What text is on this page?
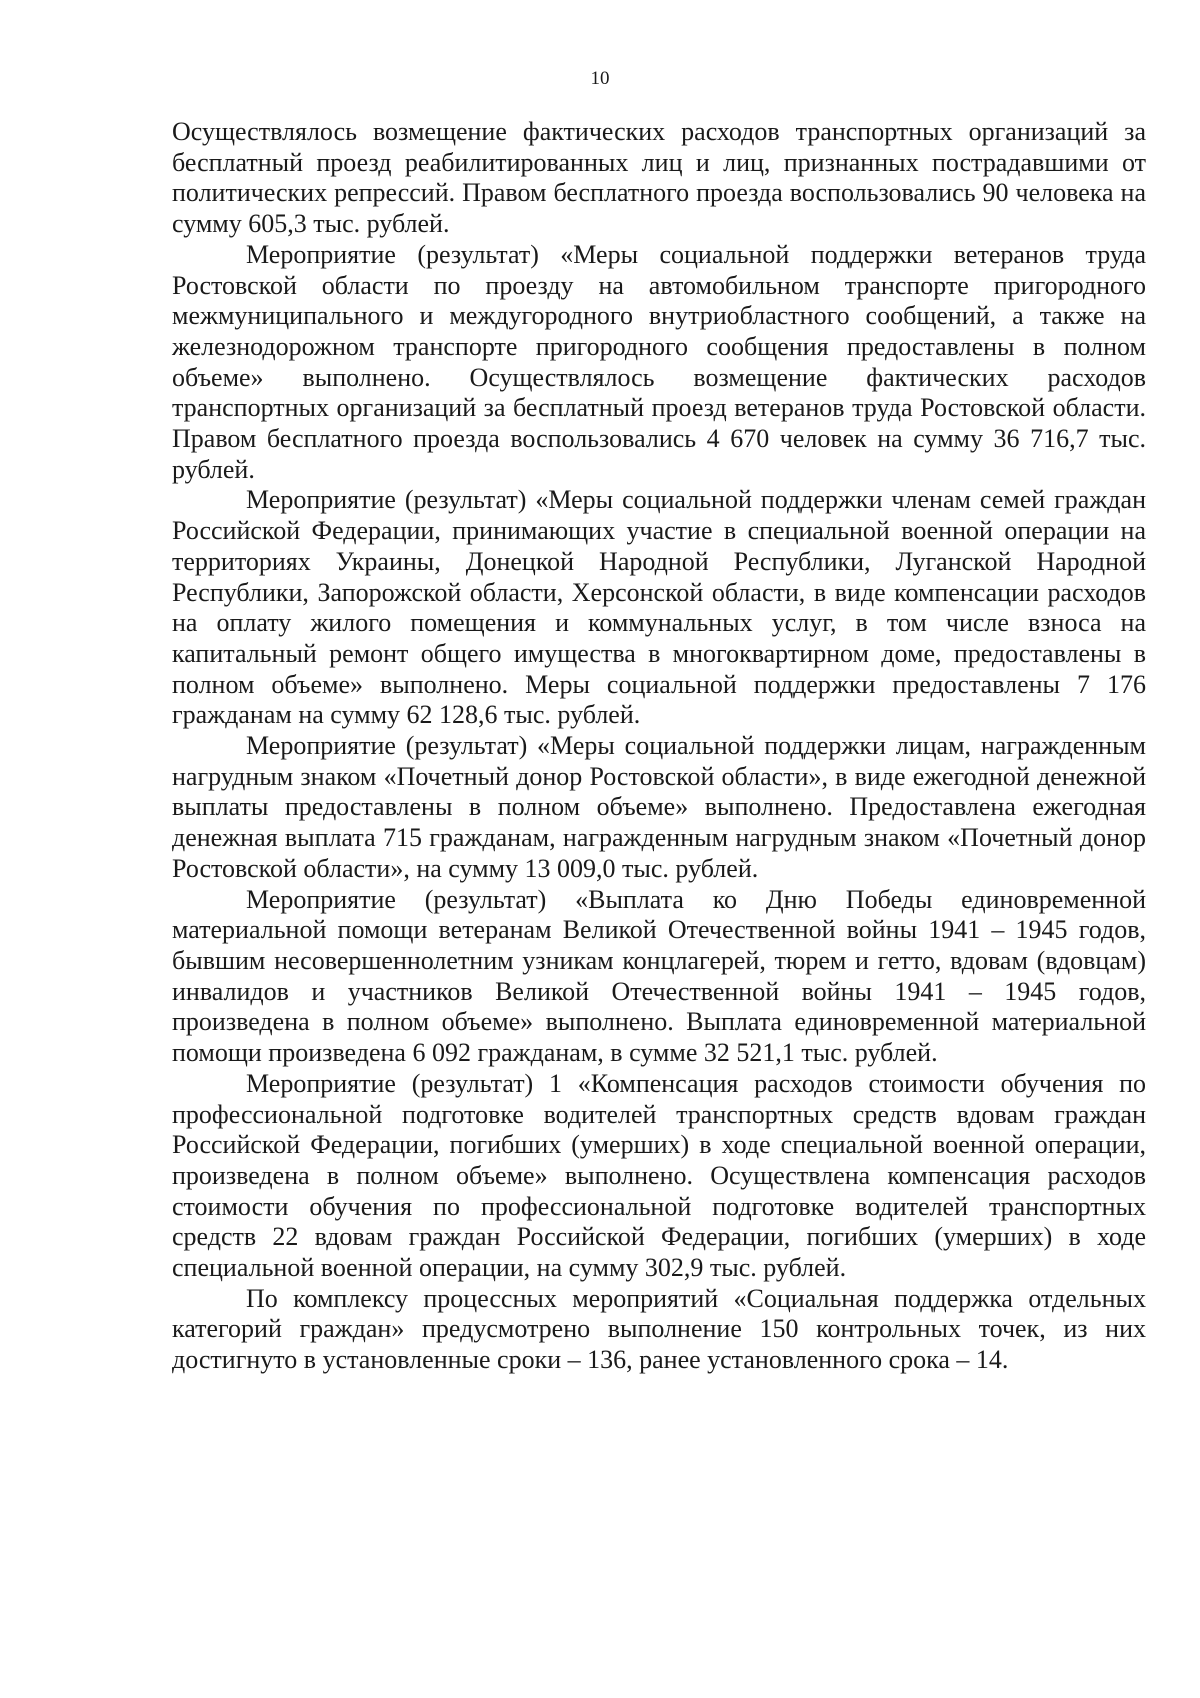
10

Осуществлялось возмещение фактических расходов транспортных организаций за бесплатный проезд реабилитированных лиц и лиц, признанных пострадавшими от политических репрессий. Правом бесплатного проезда воспользовались 90 человека на сумму 605,3 тыс. рублей.

Мероприятие (результат) «Меры социальной поддержки ветеранов труда Ростовской области по проезду на автомобильном транспорте пригородного межмуниципального и междугородного внутриобластного сообщений, а также на железнодорожном транспорте пригородного сообщения предоставлены в полном объеме» выполнено. Осуществлялось возмещение фактических расходов транспортных организаций за бесплатный проезд ветеранов труда Ростовской области. Правом бесплатного проезда воспользовались 4 670 человек на сумму 36 716,7 тыс. рублей.

Мероприятие (результат) «Меры социальной поддержки членам семей граждан Российской Федерации, принимающих участие в специальной военной операции на территориях Украины, Донецкой Народной Республики, Луганской Народной Республики, Запорожской области, Херсонской области, в виде компенсации расходов на оплату жилого помещения и коммунальных услуг, в том числе взноса на капитальный ремонт общего имущества в многоквартирном доме, предоставлены в полном объеме» выполнено. Меры социальной поддержки предоставлены 7 176 гражданам на сумму 62 128,6 тыс. рублей.

Мероприятие (результат) «Меры социальной поддержки лицам, награжденным нагрудным знаком «Почетный донор Ростовской области», в виде ежегодной денежной выплаты предоставлены в полном объеме» выполнено. Предоставлена ежегодная денежная выплата 715 гражданам, награжденным нагрудным знаком «Почетный донор Ростовской области», на сумму 13 009,0 тыс. рублей.

Мероприятие (результат) «Выплата ко Дню Победы единовременной материальной помощи ветеранам Великой Отечественной войны 1941 – 1945 годов, бывшим несовершеннолетним узникам концлагерей, тюрем и гетто, вдовам (вдовцам) инвалидов и участников Великой Отечественной войны 1941 – 1945 годов, произведена в полном объеме» выполнено. Выплата единовременной материальной помощи произведена 6 092 гражданам, в сумме 32 521,1 тыс. рублей.

Мероприятие (результат) 1 «Компенсация расходов стоимости обучения по профессиональной подготовке водителей транспортных средств вдовам граждан Российской Федерации, погибших (умерших) в ходе специальной военной операции, произведена в полном объеме» выполнено. Осуществлена компенсация расходов стоимости обучения по профессиональной подготовке водителей транспортных средств 22 вдовам граждан Российской Федерации, погибших (умерших) в ходе специальной военной операции, на сумму 302,9 тыс. рублей.

По комплексу процессных мероприятий «Социальная поддержка отдельных категорий граждан» предусмотрено выполнение 150 контрольных точек, из них достигнуто в установленные сроки – 136, ранее установленного срока – 14.
